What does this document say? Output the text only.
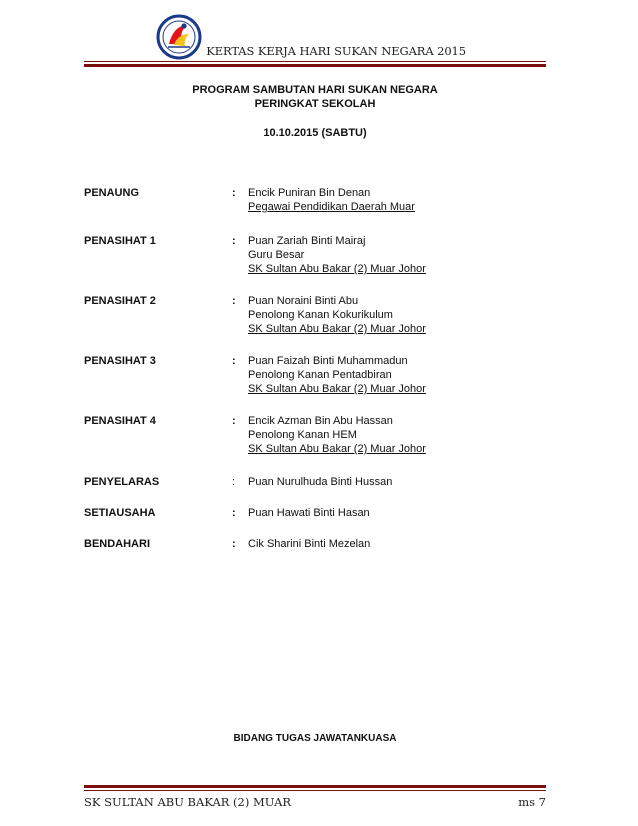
KERTAS KERJA HARI SUKAN NEGARA 2015
PROGRAM SAMBUTAN HARI SUKAN NEGARA
PERINGKAT SEKOLAH
10.10.2015 (SABTU)
PENAUNG	: Encik Puniran Bin Denan
Pegawai Pendidikan Daerah Muar
PENASIHAT 1	: Puan Zariah Binti Mairaj
Guru Besar
SK Sultan Abu Bakar (2) Muar Johor
PENASIHAT 2	: Puan Noraini Binti Abu
Penolong Kanan Kokurikulum
SK Sultan Abu Bakar (2) Muar Johor
PENASIHAT 3	: Puan Faizah Binti Muhammadun
Penolong Kanan Pentadbiran
SK Sultan Abu Bakar (2) Muar Johor
PENASIHAT 4	: Encik Azman Bin Abu Hassan
Penolong Kanan HEM
SK Sultan Abu Bakar (2) Muar Johor
PENYELARAS	: Puan Nurulhuda Binti Hussan
SETIAUSAHA	: Puan Hawati Binti Hasan
BENDAHARI	: Cik Sharini Binti Mezelan
BIDANG TUGAS JAWATANKUASA
SK SULTAN ABU BAKAR (2) MUAR	ms 7
